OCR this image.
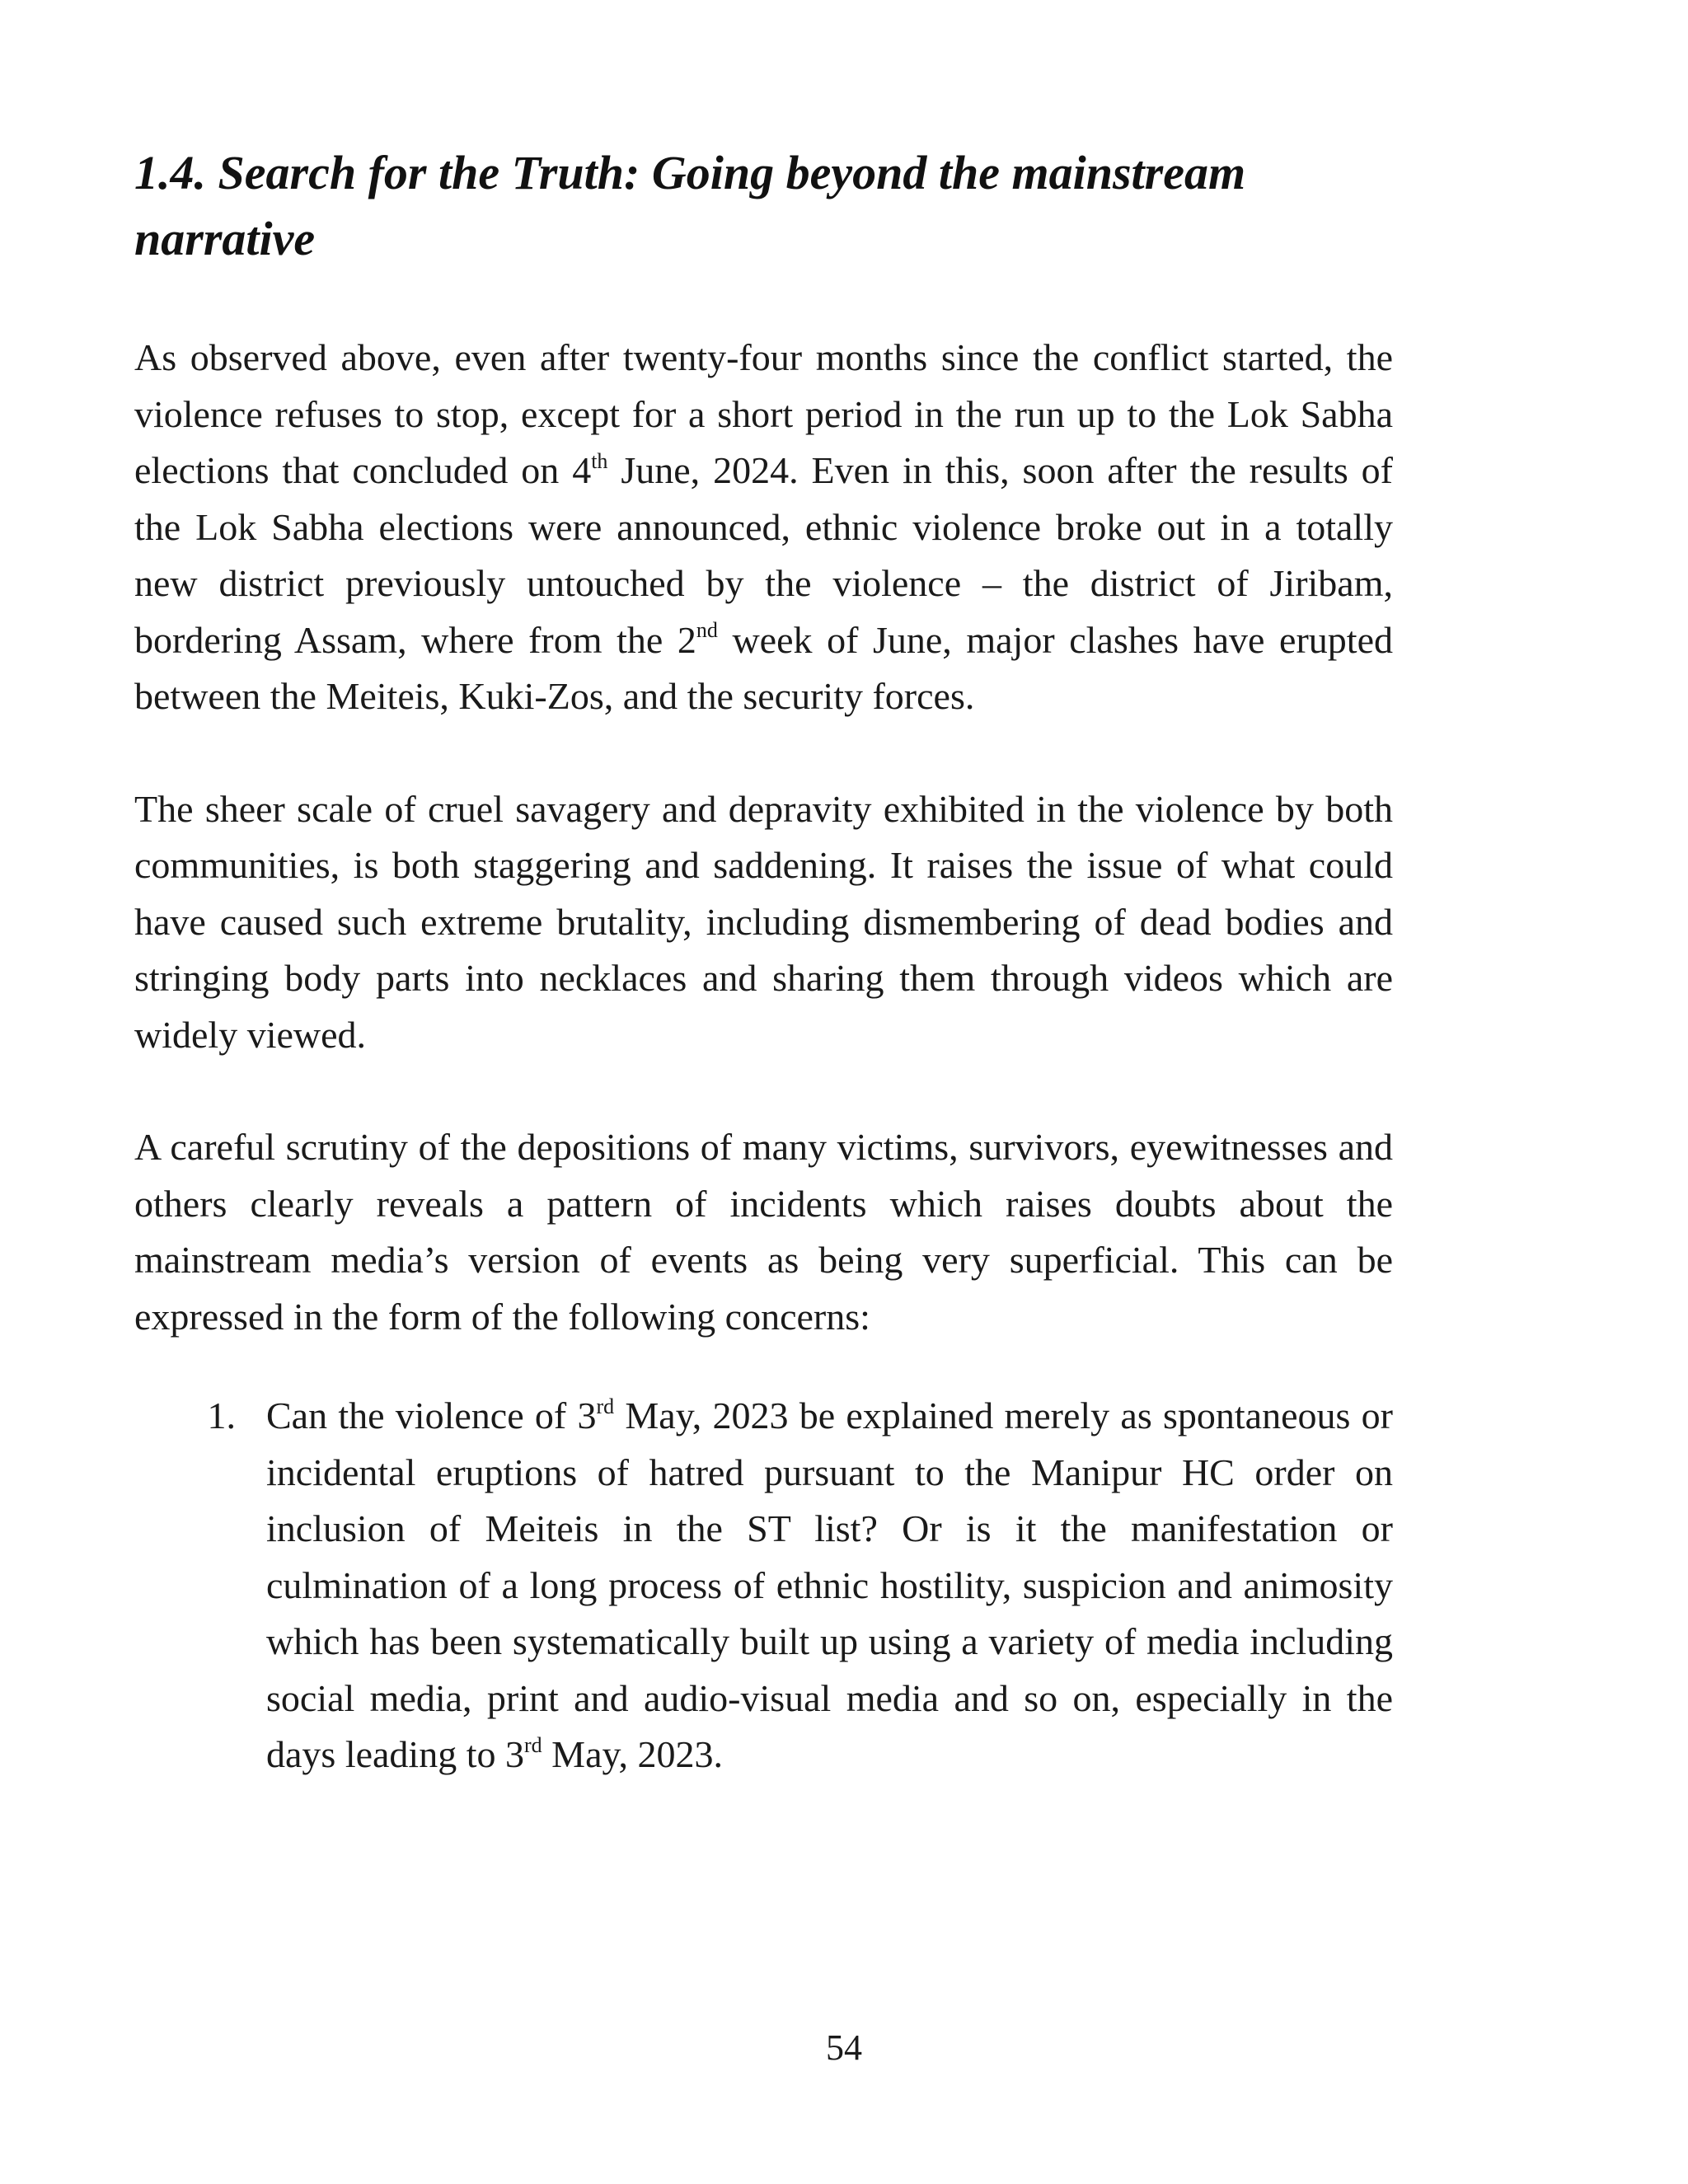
1.4. Search for the Truth: Going beyond the mainstream narrative

As observed above, even after twenty-four months since the conflict started, the violence refuses to stop, except for a short period in the run up to the Lok Sabha elections that concluded on 4th June, 2024. Even in this, soon after the results of the Lok Sabha elections were announced, ethnic violence broke out in a totally new district previously untouched by the violence – the district of Jiribam, bordering Assam, where from the 2nd week of June, major clashes have erupted between the Meiteis, Kuki-Zos, and the security forces.

The sheer scale of cruel savagery and depravity exhibited in the violence by both communities, is both staggering and saddening. It raises the issue of what could have caused such extreme brutality, including dismembering of dead bodies and stringing body parts into necklaces and sharing them through videos which are widely viewed.

A careful scrutiny of the depositions of many victims, survivors, eyewitnesses and others clearly reveals a pattern of incidents which raises doubts about the mainstream media’s version of events as being very superficial. This can be expressed in the form of the following concerns:

1. Can the violence of 3rd May, 2023 be explained merely as spontaneous or incidental eruptions of hatred pursuant to the Manipur HC order on inclusion of Meiteis in the ST list? Or is it the manifestation or culmination of a long process of ethnic hostility, suspicion and animosity which has been systematically built up using a variety of media including social media, print and audio-visual media and so on, especially in the days leading to 3rd May, 2023.
54
